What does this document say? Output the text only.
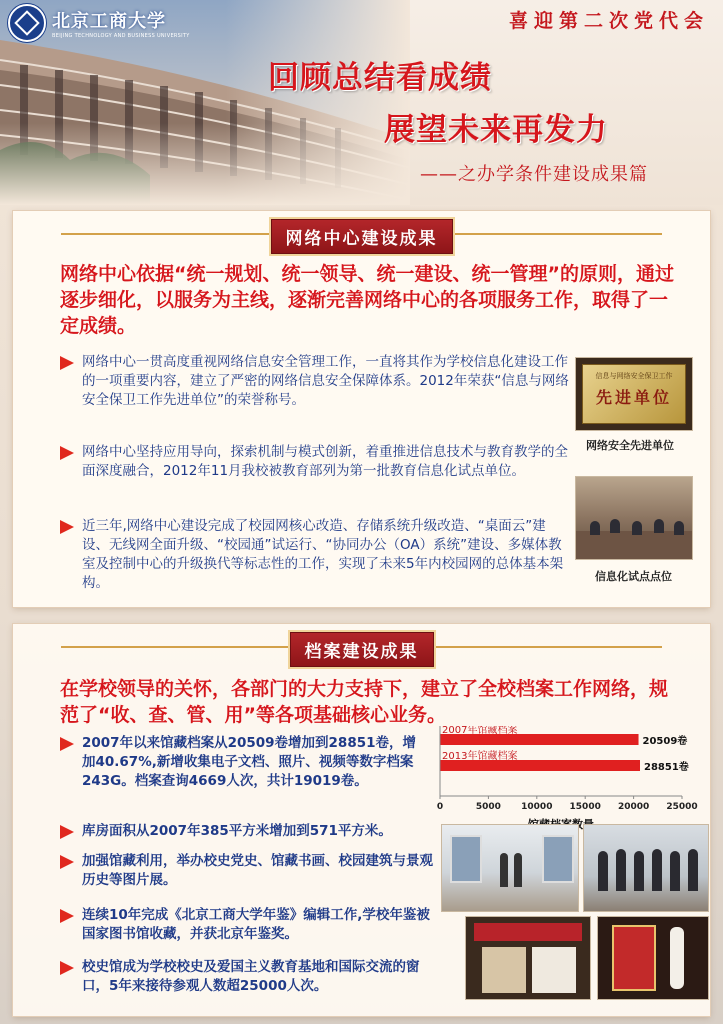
北京工商大学
BEIJING TECHNOLOGY AND BUSINESS UNIVERSITY
喜迎第二次党代会
回顾总结看成绩
展望未来再发力
——之办学条件建设成果篇
网络中心建设成果
网络中心依据“统一规划、统一领导、统一建设、统一管理”的原则，通过逐步细化，以服务为主线，逐渐完善网络中心的各项服务工作，取得了一定成绩。
网络中心一贯高度重视网络信息安全管理工作，一直将其作为学校信息化建设工作的一项重要内容，建立了严密的网络信息安全保障体系。2012年荣获“信息与网络安全保卫工作先进单位”的荣誉称号。
网络中心坚持应用导向，探索机制与模式创新，着重推进信息技术与教育教学的全面深度融合，2012年11月我校被教育部列为第一批教育信息化试点单位。
近三年,网络中心建设完成了校园网核心改造、存储系统升级改造、“桌面云”建设、无线网全面升级、“校园通”试运行、“协同办公（OA）系统”建设、多媒体教室及控制中心的升级换代等标志性的工作，实现了未来5年内校园网的总体基本架构。
信息与网络安全保卫工作
先进单位
网络安全先进单位
信息化试点点位
档案建设成果
在学校领导的关怀，各部门的大力支持下，建立了全校档案工作网络，规范了“收、查、管、用”等各项基础核心业务。
2007年以来馆藏档案从20509卷增加到28851卷，增加40.67%,新增收集电子文档、照片、视频等数字档案243G。档案查询4669人次，共计19019卷。
2007年馆藏档案
20509卷
2013年馆藏档案
28851卷
0	5000 10000 15000 20000 25000
库房面积从2007年385平方米增加到571平方米。
加强馆藏利用，举办校史党史、馆藏书画、校园建筑与景观历史等图片展。
连续10年完成《北京工商大学年鉴》编辑工作,学校年鉴被国家图书馆收藏，并获北京年鉴奖。
校史馆成为学校校史及爱国主义教育基地和国际交流的窗口，5年来接待参观人数超25000人次。
